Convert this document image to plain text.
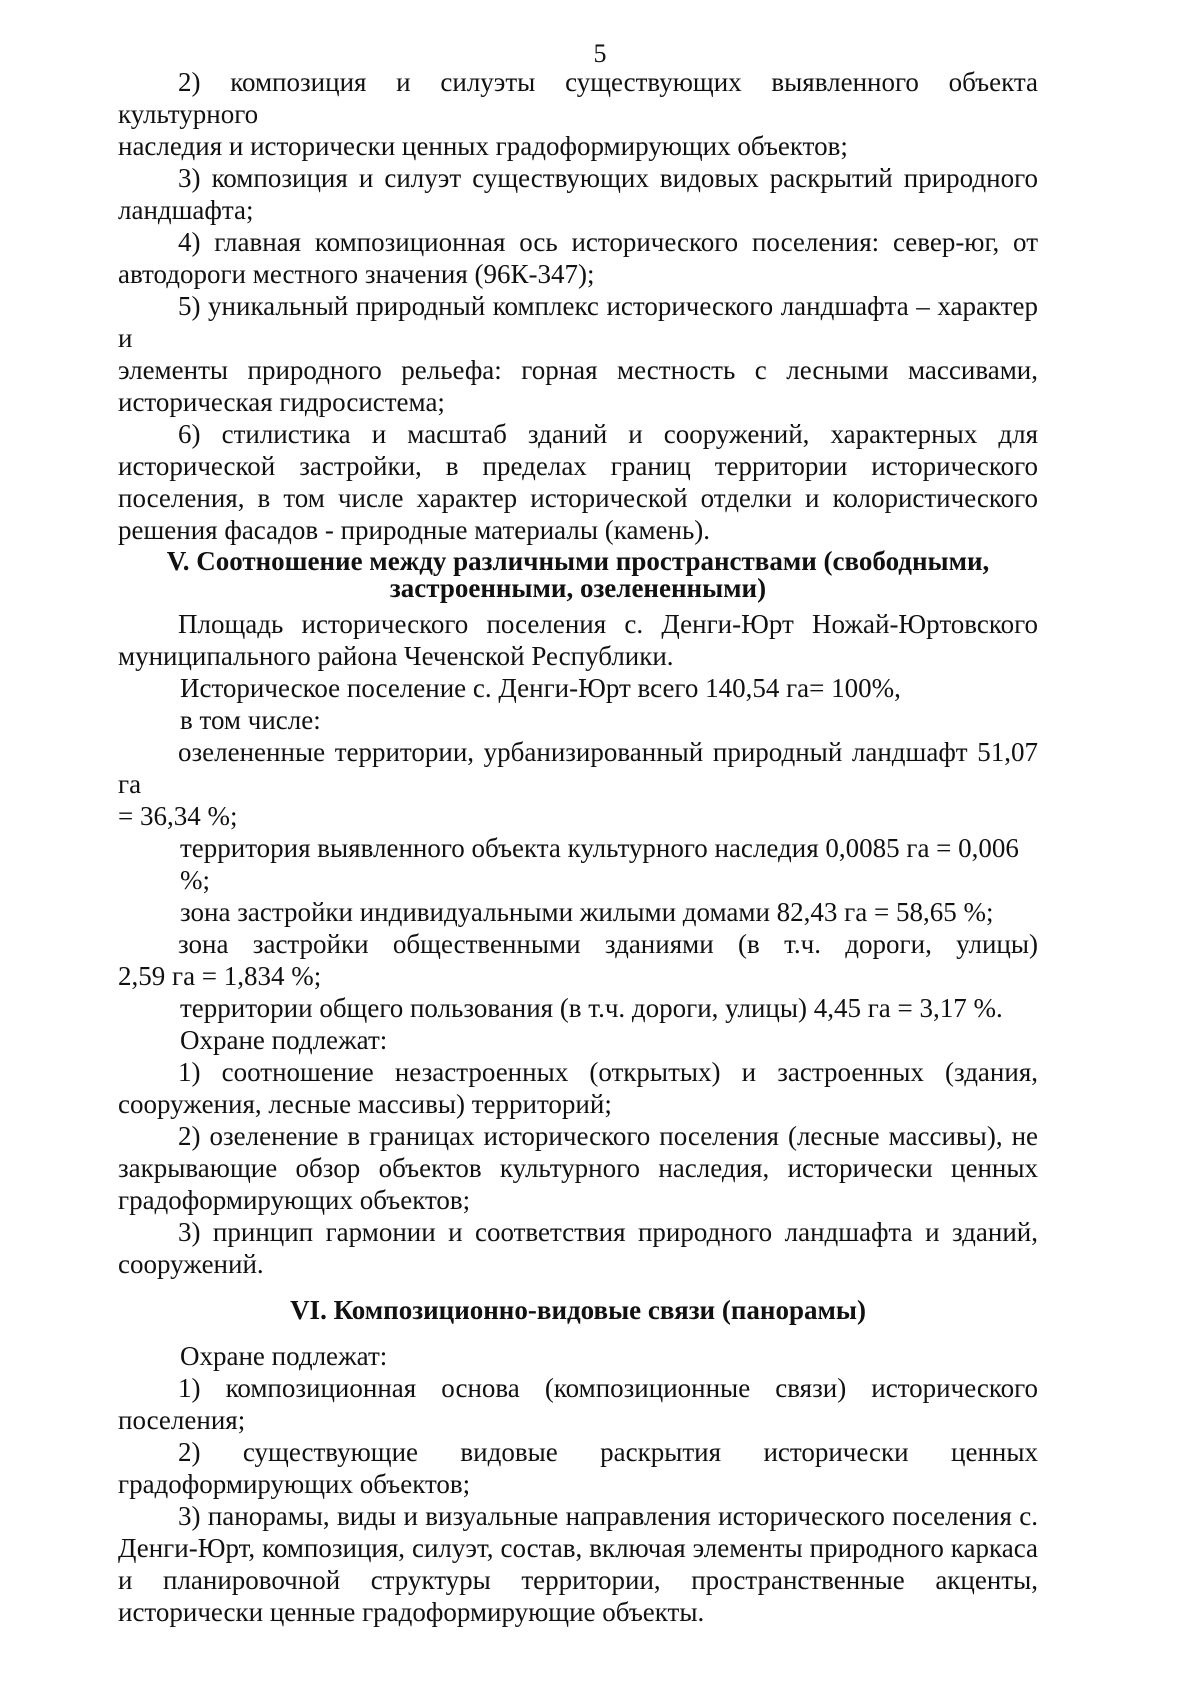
5

2) композиция и силуэты существующих выявленного объекта культурного

наследия и исторически ценных градоформирующих объектов;

3) композиция и силуэт существующих видовых раскрытий природного

ландшафта;

4) главная композиционная ось исторического поселения: север-юг, от

автодороги местного значения (96К-347);

5) уникальный природный комплекс исторического ландшафта – характер и

элементы природного рельефа: горная местность с лесными массивами, историческая гидросистема;

6) стилистика и масштаб зданий и сооружений, характерных для

исторической застройки, в пределах границ территории исторического поселения, в том числе характер исторической отделки и колористического решения фасадов - природные материалы (камень).

V. Соотношение между различными пространствами (свободными,

застроенными, озелененными)

Площадь исторического поселения с. Денги-Юрт Ножай-Юртовского

муниципального района Чеченской Республики.

Историческое поселение с. Денги-Юрт всего 140,54 га= 100%,

в том числе:

озелененные территории, урбанизированный природный ландшафт 51,07 га

= 36,34 %;

территория выявленного объекта культурного наследия 0,0085 га = 0,006 %;

зона застройки индивидуальными жилыми домами 82,43 га = 58,65 %;

зона застройки общественными зданиями (в т.ч. дороги, улицы)

2,59 га = 1,834 %;

территории общего пользования (в т.ч. дороги, улицы) 4,45 га = 3,17 %.

Охране подлежат:

1) соотношение незастроенных (открытых) и застроенных (здания,

сооружения, лесные массивы) территорий;

2) озеленение в границах исторического поселения (лесные массивы), не

закрывающие обзор объектов культурного наследия, исторически ценных градоформирующих объектов;

3) принцип гармонии и соответствия природного ландшафта и зданий,

сооружений.

VI. Композиционно-видовые связи (панорамы)

Охране подлежат:

1) композиционная основа (композиционные связи) исторического

поселения;

2) существующие видовые раскрытия исторически ценных

градоформирующих объектов;

3) панорамы, виды и визуальные направления исторического поселения с.

Денги-Юрт, композиция, силуэт, состав, включая элементы природного каркаса и планировочной структуры территории, пространственные акценты, исторически ценные градоформирующие объекты.
